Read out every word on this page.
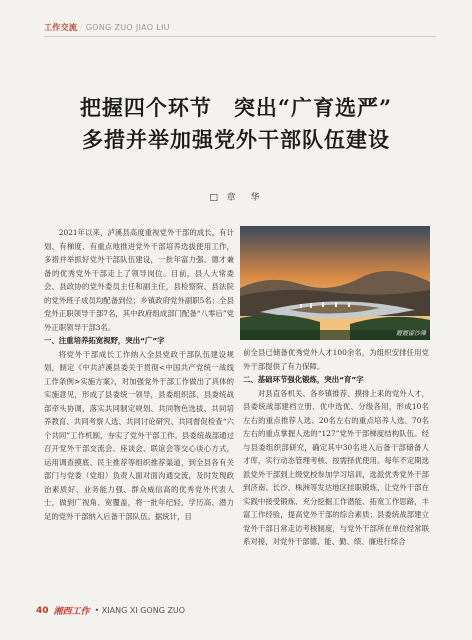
工作交流 · GONG ZUO JIAO LIU
把握四个环节　突出“广育选严”
多措并举加强党外干部队伍建设
□ 章　华

2021年以来，泸溪县高度重视党外干部的成长，有计划、有梯度、有重点地推进党外干部培养选拔使用工作，多措并举抓好党外干部队伍建设，一批年富力强、德才兼备的优秀党外干部走上了领导岗位。目前，县人大常委会、县政协的党外委员主任和副主任，县检察院、县法院的党外班子成员均配备到位；乡镇政府党外副职5名；全县党外正职领导干部7名，其中政府组成部门配备“八零后”党外正职领导干部3名。

一、注重培养拓宽视野，突出“广”字

将党外干部成长工作纳入全县党政干部队伍建设规划，制定《中共泸溪县委关于贯彻<中国共产党统一战线工作条例>实施方案》，对加强党外干部工作做出了具体的实施意见，形成了县委统一领导，县委组织部、县委统战部牵头协调，落实共同制定规划、共同物色选拔、共同培养教育、共同考察人选、共同讨论研究、共同督促检查“六个共同”工作机制，夯实了党外干部工作。县委统战部通过召开党外干部交流会、座谈会、联谊会等交心谈心方式，运用调查摸底、民主推荐等组织推荐渠道，到全县各有关部门与党委（党组）负责人面对面沟通交流，及时发现政治素质好、业务能力强、群众威信高的优秀党外代表人士，做到广视角、宽覆盖，将一批年纪轻、学历高、潜力足的党外干部纳入后备干部队伍。据统计，目

霞霞留沙滩

前全县已储备优秀党外人才100余名，为组织安排任用党外干部提供了有力保障。

二、基础环节强化锻炼，突出“育”字

对县直各机关、各乡镇推荐、摸排上来的党外人才，县委统战部建档立册、优中选优、分级各用，形成10名左右的重点推荐人选、20名左右的重点培养人选、70名左右的重点掌握人选的“127”党外干部梯度结构队伍。经与县委组织部研究，确定其中30名进入后备干部储备人才库，实行动态管理考核、按需择优使用。每年不定期选派党外干部到上级党校参加学习培训，选派优秀党外干部到济南、长沙、株洲等发达地区挂职锻炼，让党外干部在实践中接受锻炼、充分挖掘工作潜能、拓宽工作思路，丰富工作经验，提高党外干部的综合素质；县委统战部建立党外干部日常走访考核制度，与党外干部所在单位经常联系对接，对党外干部德、能、勤、绩、廉进行综合

40 湘西工作 • XIANG XI GONG ZUO
